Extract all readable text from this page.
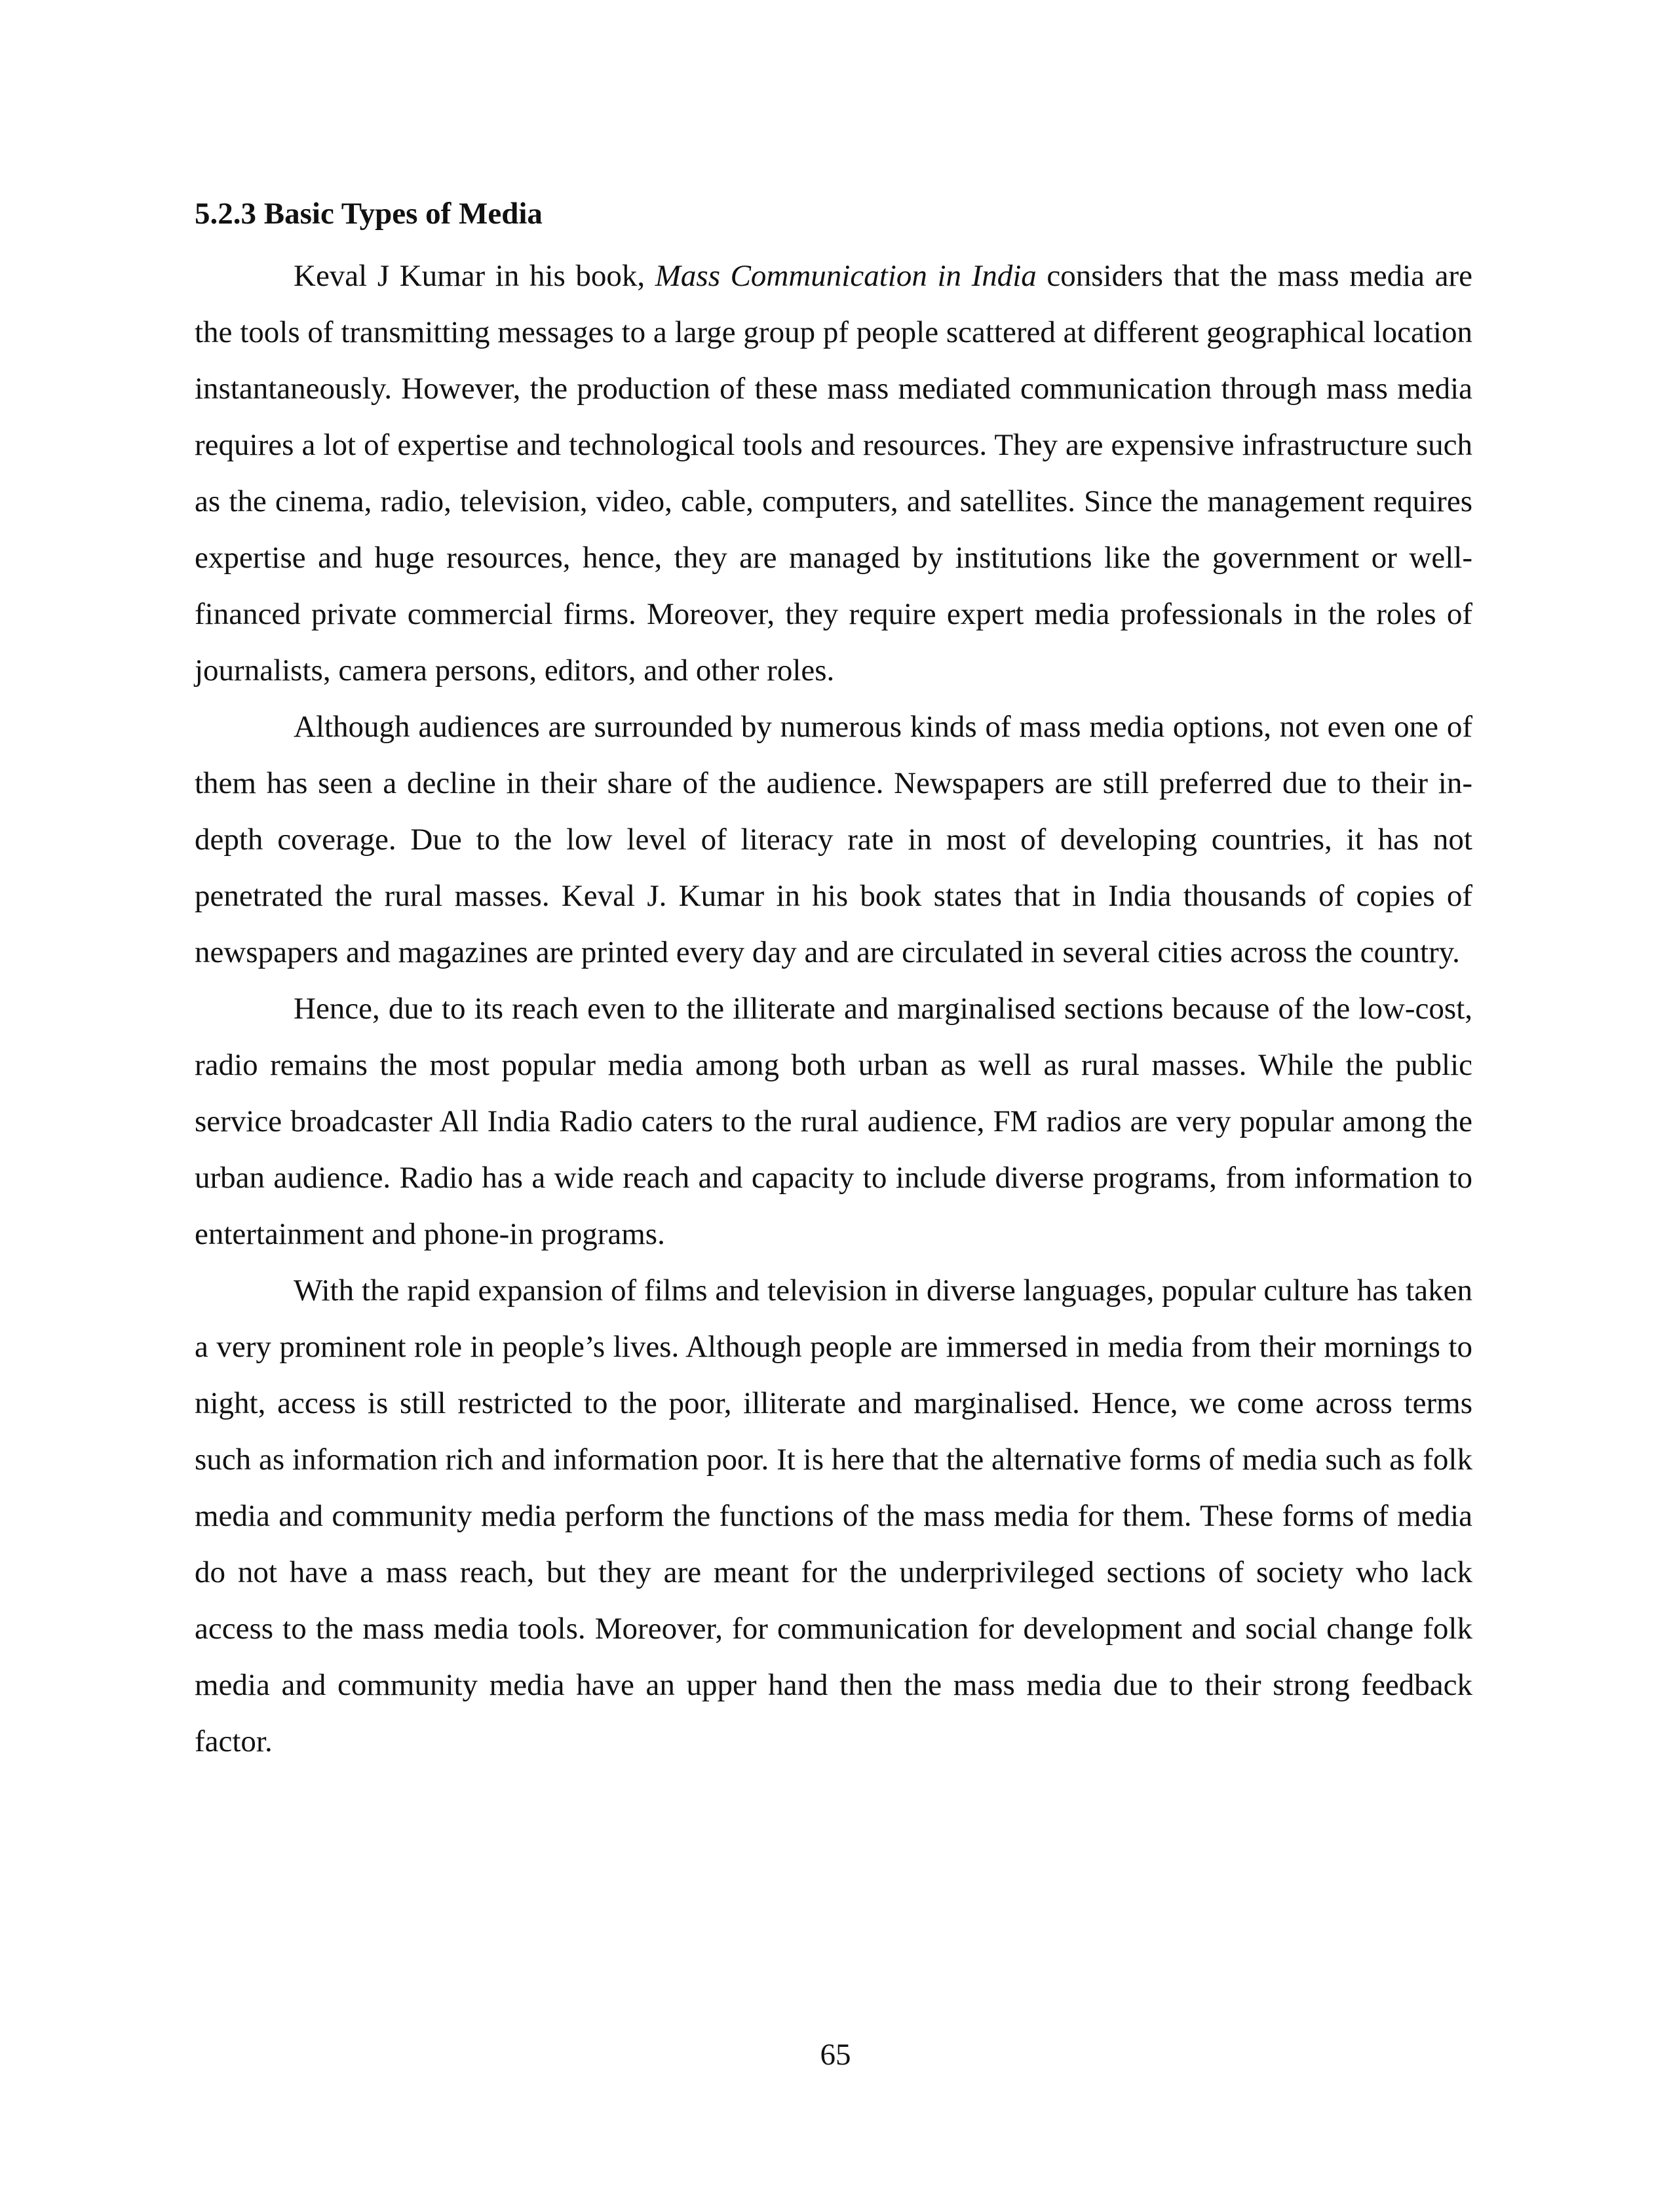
5.2.3 Basic Types of Media

Keval J Kumar in his book, Mass Communication in India considers that the mass media are the tools of transmitting messages to a large group pf people scattered at different geographical location instantaneously. However, the production of these mass mediated communication through mass media requires a lot of expertise and technological tools and resources. They are expensive infrastructure such as the cinema, radio, television, video, cable, computers, and satellites. Since the management requires expertise and huge resources, hence, they are managed by institutions like the government or well-financed private commercial firms. Moreover, they require expert media professionals in the roles of journalists, camera persons, editors, and other roles.

Although audiences are surrounded by numerous kinds of mass media options, not even one of them has seen a decline in their share of the audience. Newspapers are still preferred due to their in-depth coverage. Due to the low level of literacy rate in most of developing countries, it has not penetrated the rural masses. Keval J. Kumar in his book states that in India thousands of copies of newspapers and magazines are printed every day and are circulated in several cities across the country.

Hence, due to its reach even to the illiterate and marginalised sections because of the low-cost, radio remains the most popular media among both urban as well as rural masses. While the public service broadcaster All India Radio caters to the rural audience, FM radios are very popular among the urban audience. Radio has a wide reach and capacity to include diverse programs, from information to entertainment and phone-in programs.

With the rapid expansion of films and television in diverse languages, popular culture has taken a very prominent role in people’s lives. Although people are immersed in media from their mornings to night, access is still restricted to the poor, illiterate and marginalised. Hence, we come across terms such as information rich and information poor. It is here that the alternative forms of media such as folk media and community media perform the functions of the mass media for them. These forms of media do not have a mass reach, but they are meant for the underprivileged sections of society who lack access to the mass media tools. Moreover, for communication for development and social change folk media and community media have an upper hand then the mass media due to their strong feedback factor.

65
